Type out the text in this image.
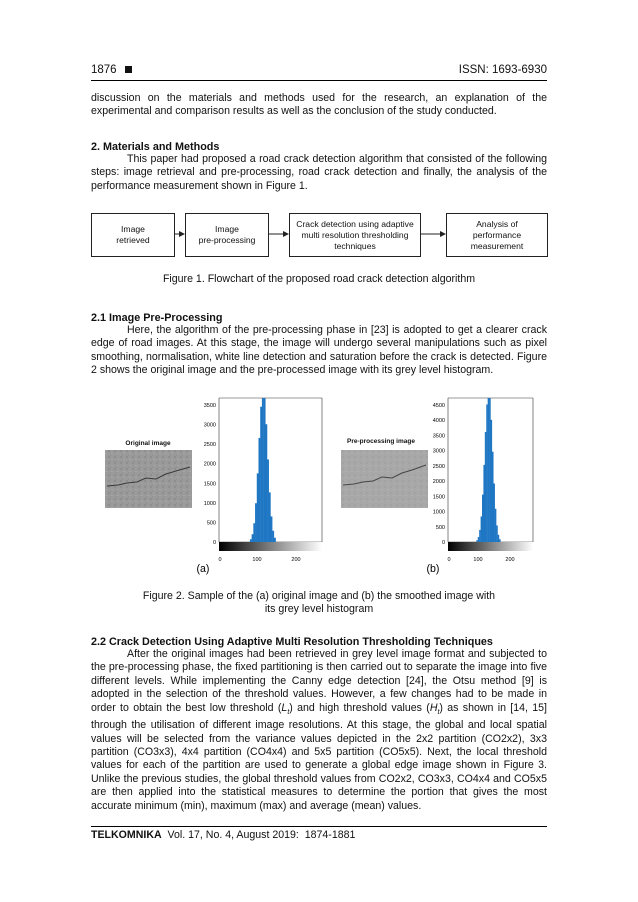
1876	ISSN: 1693-6930

discussion on the materials and methods used for the research, an explanation of the experimental and comparison results as well as the conclusion of the study conducted.

2. Materials and Methods

This paper had proposed a road crack detection algorithm that consisted of the following steps: image retrieval and pre-processing, road crack detection and finally, the analysis of the performance measurement shown in Figure 1.

Image
retrieved
Image
pre-processing
Crack detection using adaptive
multi resolution thresholding
techniques
Analysis of
performance
measurement
Figure 1. Flowchart of the proposed road crack detection algorithm
2.1 Image Pre-Processing

Here, the algorithm of the pre-processing phase in [23] is adopted to get a clearer crack edge of road images. At this stage, the image will undergo several manipulations such as pixel smoothing, normalisation, white line detection and saturation before the crack is detected. Figure 2 shows the original image and the pre-processed image with its grey level histogram.

Original image
3500
3000
2500
2000
1500
1000
500
0
0	100	200
Pre-processing image
4500
4000
3500
3000
2500
2000
1500
1000
500
0
0	100	200
(a)	(b)
Figure 2. Sample of the (a) original image and (b) the smoothed image with
its grey level histogram
2.2 Crack Detection Using Adaptive Multi Resolution Thresholding Techniques

After the original images had been retrieved in grey level image format and subjected to the pre-processing phase, the fixed partitioning is then carried out to separate the image into five different levels. While implementing the Canny edge detection [24], the Otsu method [9] is adopted in the selection of the threshold values. However, a few changes had to be made in order to obtain the best low threshold $(L_t)$ and high threshold values $(H_t)$ as shown in [14, 15] through the utilisation of different image resolutions. At this stage, the global and local spatial values will be selected from the variance values depicted in the 2x2 partition (CO2x2), 3x3 partition (CO3x3), 4x4 partition (CO4x4) and 5x5 partition (CO5x5). Next, the local threshold values for each of the partition are used to generate a global edge image shown in Figure 3. Unlike the previous studies, the global threshold values from CO2x2, CO3x3, CO4x4 and CO5x5 are then applied into the statistical measures to determine the portion that gives the most accurate minimum (min), maximum (max) and average (mean) values.

TELKOMNIKA  Vol. 17, No. 4, August 2019:  1874-1881
